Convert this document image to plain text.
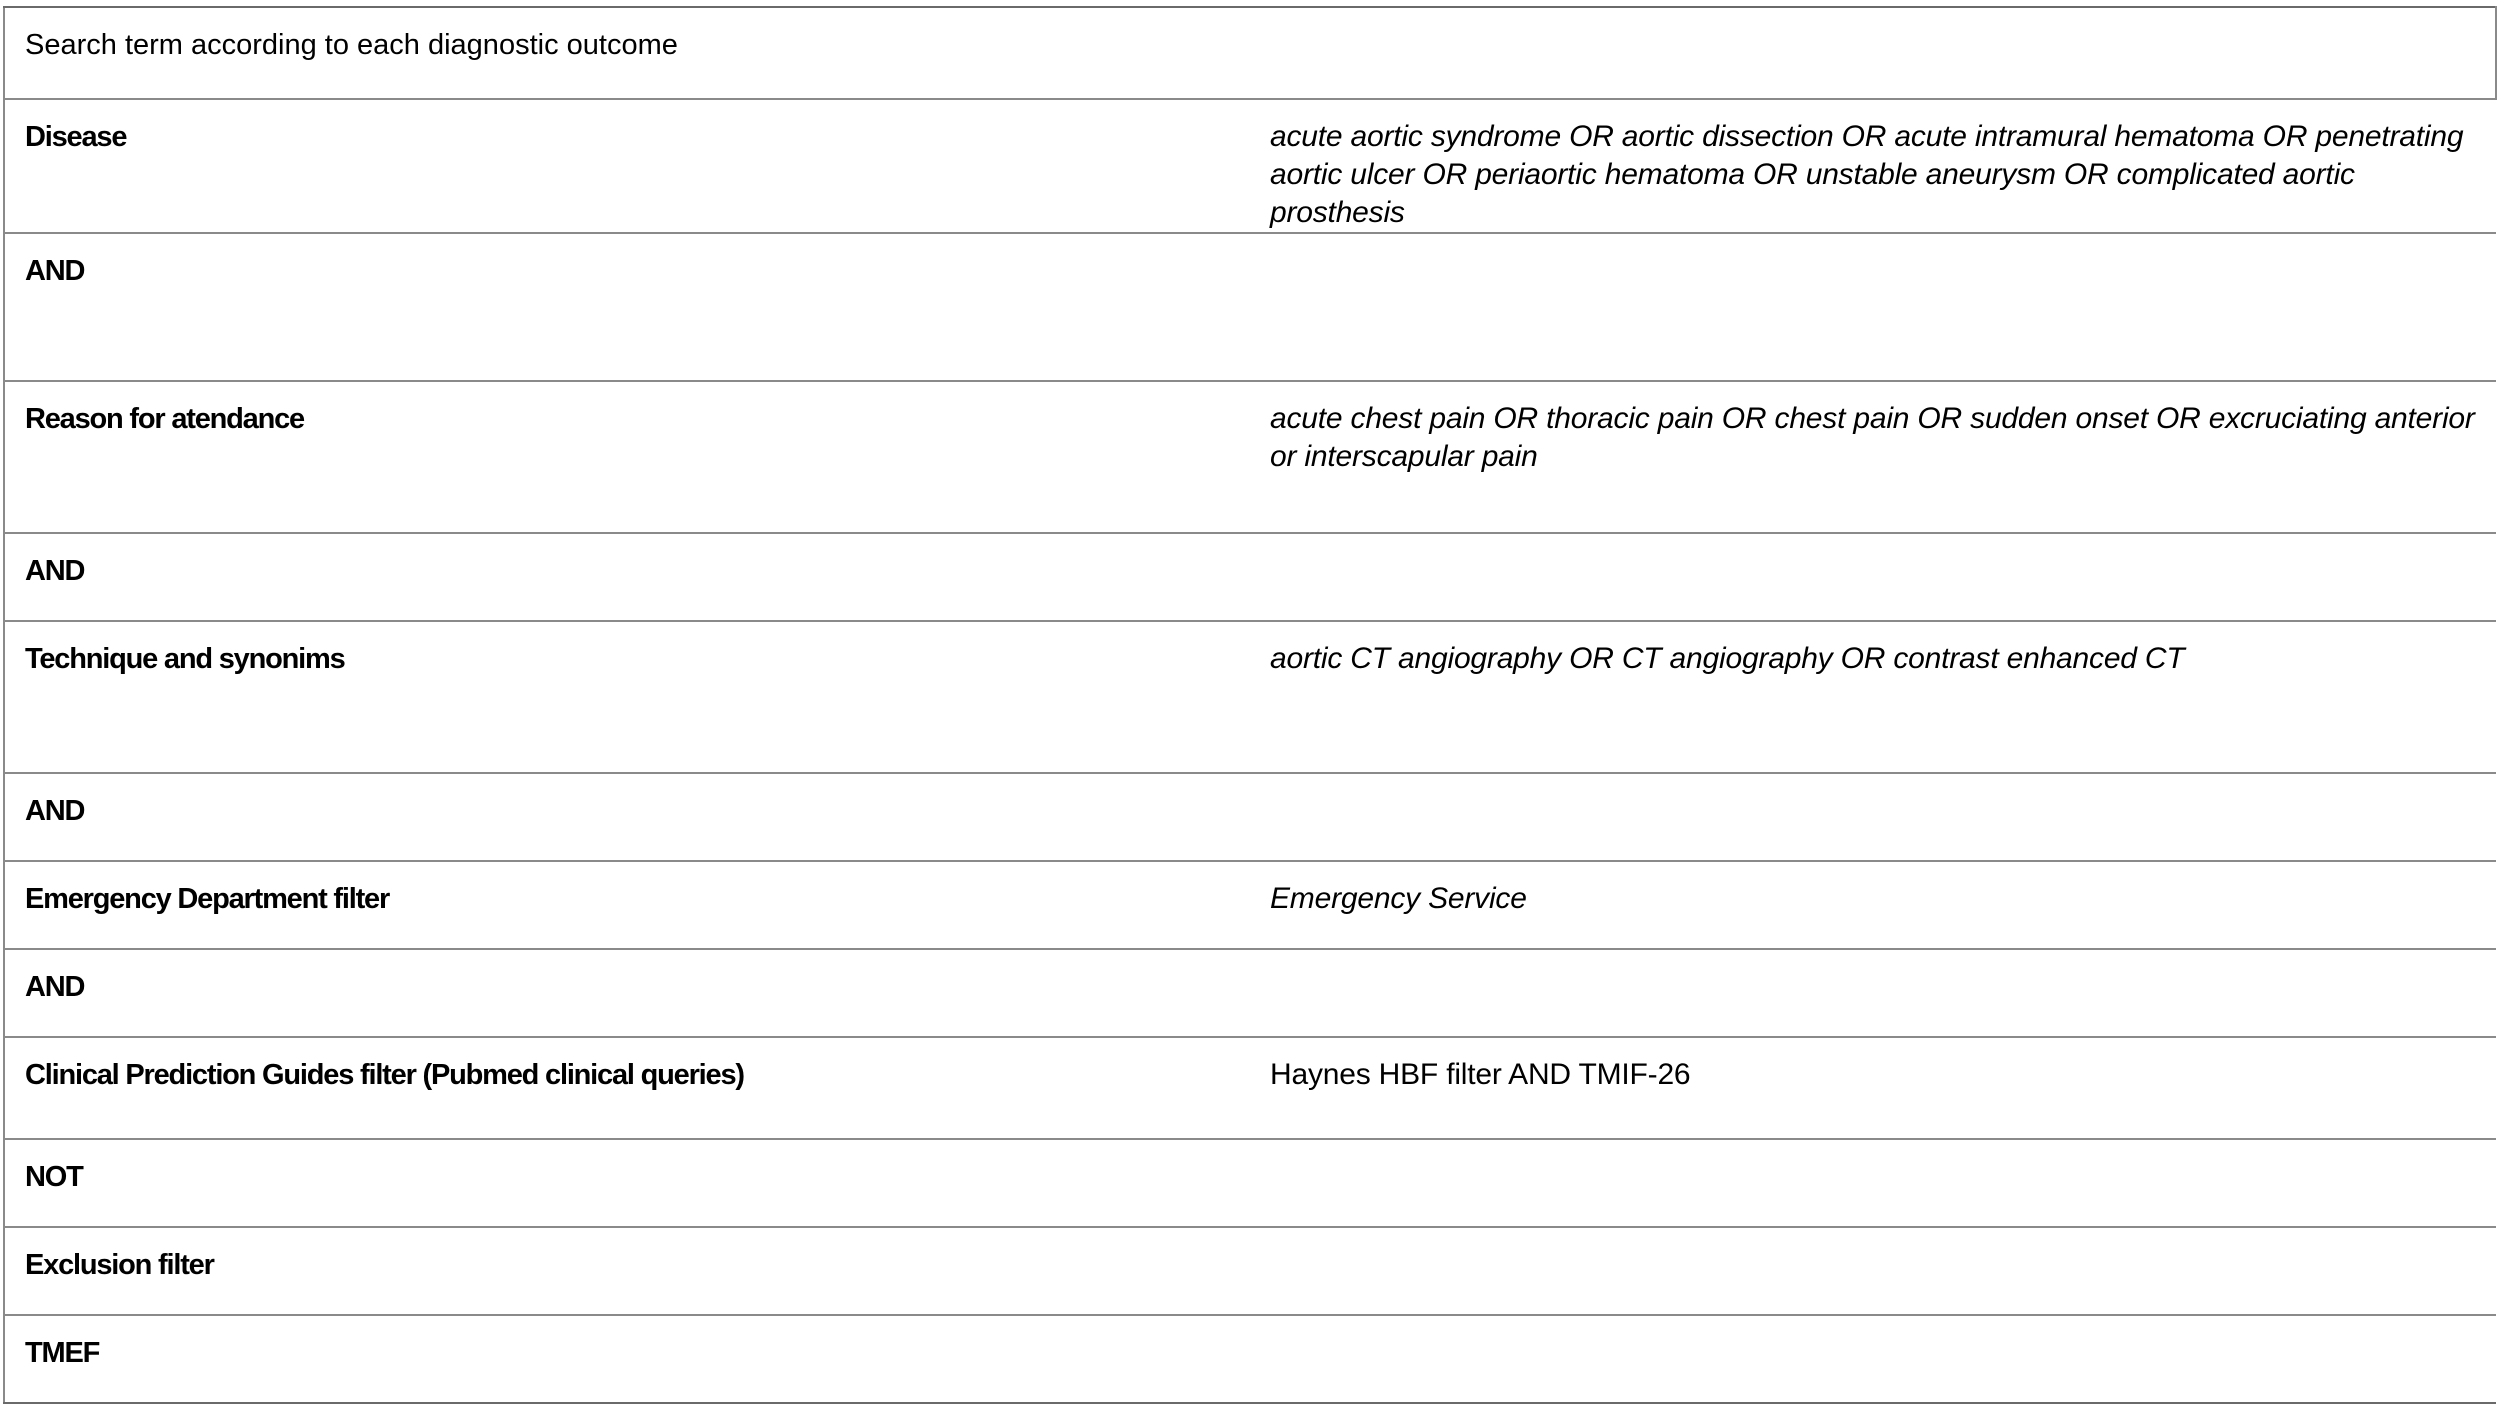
Search term according to each diagnostic outcome	
Disease	acute aortic syndrome OR aortic dissection OR acute intramural hematoma OR penetrating aortic ulcer OR periaortic hematoma OR unstable aneurysm OR complicated aortic prosthesis
AND	
Reason for atendance	acute chest pain OR thoracic pain OR chest pain OR sudden onset OR excruciating anterior or interscapular pain
AND	
Technique and synonims	aortic CT angiography OR CT angiography OR contrast enhanced CT
AND	
Emergency Department filter	Emergency Service
AND	
Clinical Prediction Guides filter (Pubmed clinical queries)	Haynes HBF filter AND TMIF-26
NOT	
Exclusion filter	
TMEF	
